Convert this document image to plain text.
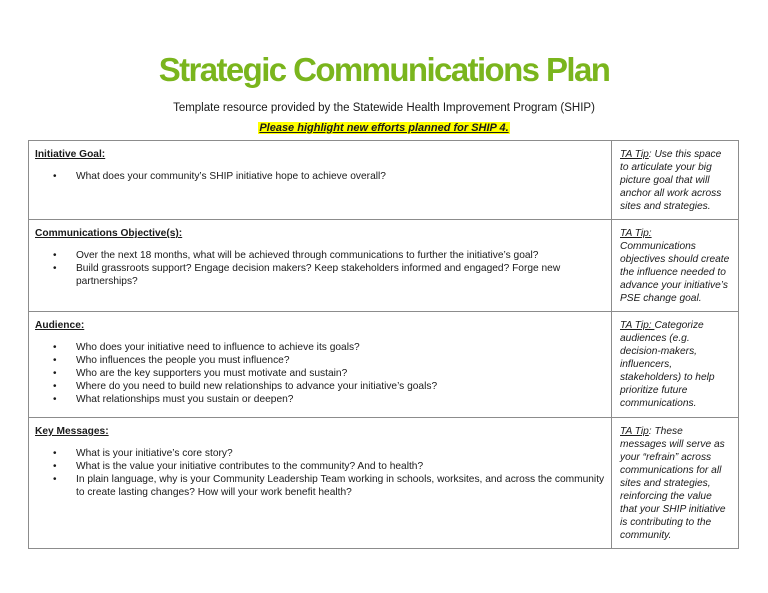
Strategic Communications Plan
Template resource provided by the Statewide Health Improvement Program (SHIP)
Please highlight new efforts planned for SHIP 4.
Initiative Goal:
• What does your community’s SHIP initiative hope to achieve overall?
	TA Tip: Use this space to articulate your big picture goal that will anchor all work across sites and strategies.

Communications Objective(s):
• Over the next 18 months, what will be achieved through communications to further the initiative’s goal?
• Build grassroots support? Engage decision makers? Keep stakeholders informed and engaged? Forge new partnerships?
	TA Tip: Communications objectives should create the influence needed to advance your initiative’s PSE change goal.

Audience:
• Who does your initiative need to influence to achieve its goals?
• Who influences the people you must influence?
• Who are the key supporters you must motivate and sustain?
• Where do you need to build new relationships to advance your initiative’s goals?
• What relationships must you sustain or deepen?
	TA Tip: Categorize audiences (e.g. decision-makers, influencers, stakeholders) to help prioritize future communications.

Key Messages:
• What is your initiative’s core story?
• What is the value your initiative contributes to the community? And to health?
• In plain language, why is your Community Leadership Team working in schools, worksites, and across the community to create lasting changes? How will your work benefit health?
	TA Tip: These messages will serve as your “refrain” across communications for all sites and strategies, reinforcing the value that your SHIP initiative is contributing to the community.
